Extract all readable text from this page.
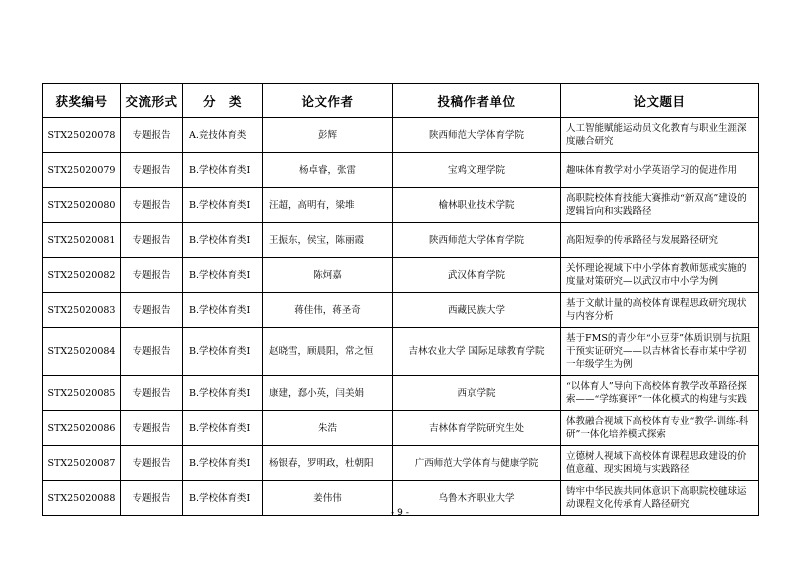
获奖编号	交流形式	分　类	论文作者	投稿作者单位	论文题目
STX25020078	专题报告	A.竞技体育类	彭辉	陕西师范大学体育学院	人工智能赋能运动员文化教育与职业生涯深度融合研究
STX25020079	专题报告	B.学校体育类Ⅰ	杨卓睿，张雷	宝鸡文理学院	趣味体育教学对小学英语学习的促进作用
STX25020080	专题报告	B.学校体育类Ⅰ	汪超，高明有，梁堆	榆林职业技术学院	高职院校体育技能大赛推动“新双高”建设的逻辑旨向和实践路径
STX25020081	专题报告	B.学校体育类Ⅰ	王振东，侯宝，陈丽霞	陕西师范大学体育学院	高阳短拳的传承路径与发展路径研究
STX25020082	专题报告	B.学校体育类Ⅰ	陈炣嘉	武汉体育学院	关怀理论视域下中小学体育教师惩戒实施的度量对策研究—以武汉市中小学为例
STX25020083	专题报告	B.学校体育类Ⅰ	蒋佳伟，蒋圣奇	西藏民族大学	基于文献计量的高校体育课程思政研究现状与内容分析
STX25020084	专题报告	B.学校体育类Ⅰ	赵晓雪，顾晨阳，常之恒	吉林农业大学 国际足球教育学院	基于FMS的青少年“小豆芽”体质识别与抗阻干预实证研究——以吉林省长春市某中学初一年级学生为例
STX25020085	专题报告	B.学校体育类Ⅰ	康建，郄小英，闫美娟	西京学院	“以体育人”导向下高校体育教学改革路径探索——“学练赛评”一体化模式的构建与实践
STX25020086	专题报告	B.学校体育类Ⅰ	朱浩	吉林体育学院研究生处	体教融合视域下高校体育专业“教学-训练-科研”一体化培养模式探索
STX25020087	专题报告	B.学校体育类Ⅰ	杨银春，罗明政，杜朝阳	广西师范大学体育与健康学院	立德树人视域下高校体育课程思政建设的价值意蕴、现实困境与实践路径
STX25020088	专题报告	B.学校体育类Ⅰ	姜伟伟	乌鲁木齐职业大学	铸牢中华民族共同体意识下高职院校毽球运动课程文化传承育人路径研究
- 9 -
